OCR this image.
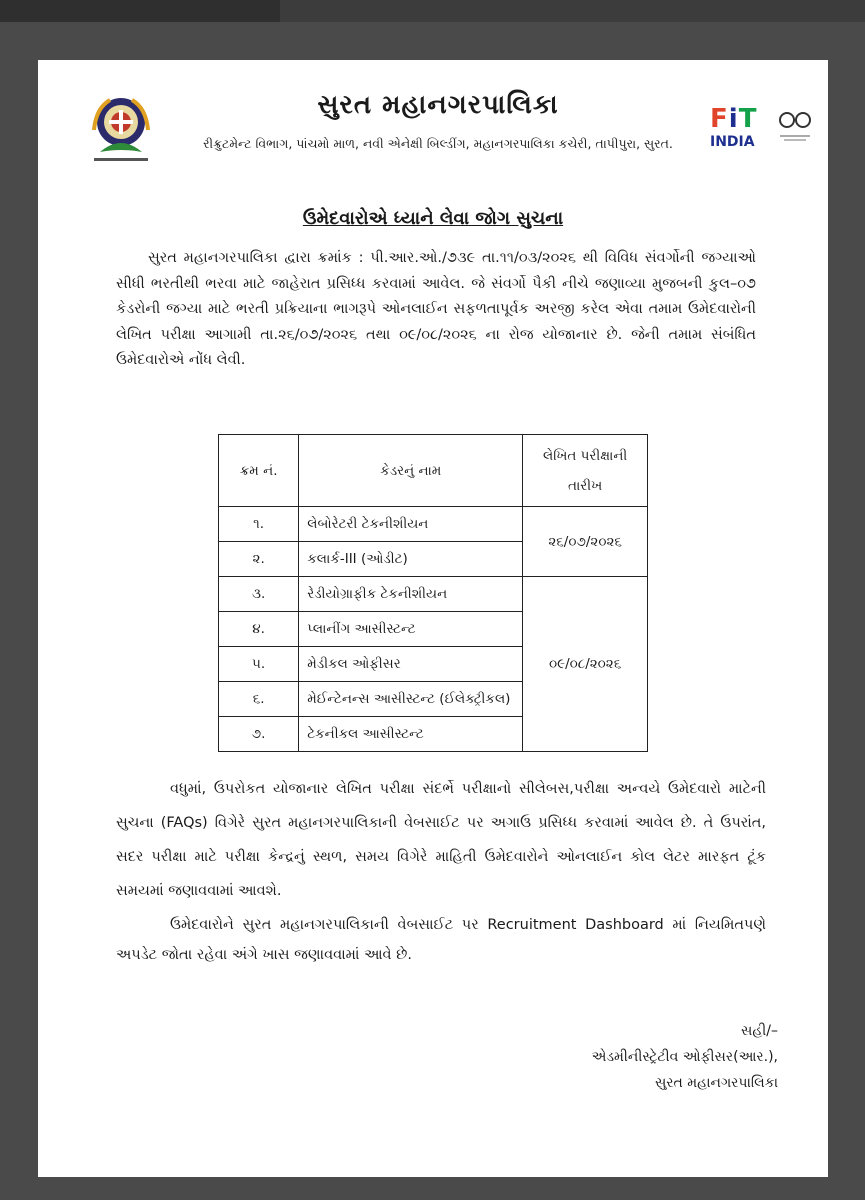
સુરત મહાનગરપાલિકા
રીક્રુટમેન્ટ વિભાગ, પાંચમો માળ, નવી એનેક્ષી બિલ્ડીંગ, મહાનગરપાલિકા કચેરી, તાપીપુરા, સુરત.
FiT
INDIA
ઉમેદવારોએ ધ્યાને લેવા જોગ સુચના
સુરત મહાનગરપાલિકા દ્વારા ક્રમાંક : પી.આર.ઓ./૭૩૯ તા.૧૧/૦૩/૨૦૨૬ થી વિવિધ સંવર્ગોની જગ્યાઓ સીધી ભરતીથી ભરવા માટે જાહેરાત પ્રસિધ્ધ કરવામાં આવેલ. જે સંવર્ગો પૈકી નીચે જણાવ્યા મુજબની કુલ–૦૭ કેડરોની જગ્યા માટે ભરતી પ્રક્રિયાના ભાગરૂપે ઓનલાઈન સફળતાપૂર્વક અરજી કરેલ એવા તમામ ઉમેદવારોની લેખિત પરીક્ષા આગામી તા.૨૬/૦૭/૨૦૨૬ તથા ૦૯/૦૮/૨૦૨૬ ના રોજ યોજાનાર છે. જેની તમામ સંબંધિત ઉમેદવારોએ નોંધ લેવી.
ક્રમ નં.	કેડરનું નામ	લેખિત પરીક્ષાની
તારીખ
૧.	લેબોરેટરી ટેકનીશીયન	૨૬/૦૭/૨૦૨૬
૨.	કલાર્ક-III (ઓડીટ)	
૩.	રેડીયોગ્રાફીક ટેકનીશીયન	૦૯/૦૮/૨૦૨૬
૪.	પ્લાનીંગ આસીસ્ટન્ટ	
૫.	મેડીકલ ઓફીસર	
૬.	મેઈન્ટેનન્સ આસીસ્ટન્ટ (ઈલેક્ટ્રીકલ)	
૭.	ટેકનીકલ આસીસ્ટન્ટ	
વધુમાં, ઉપરોકત યોજાનાર લેખિત પરીક્ષા સંદર્ભે પરીક્ષાનો સીલેબસ,પરીક્ષા અન્વયે ઉમેદવારો માટેની સુચના (FAQs) વિગેરે સુરત મહાનગરપાલિકાની વેબસાઈટ પર અગાઉ પ્રસિધ્ધ કરવામાં આવેલ છે. તે ઉપરાંત, સદર પરીક્ષા માટે પરીક્ષા કેન્દ્રનું સ્થળ, સમય વિગેરે માહિતી ઉમેદવારોને ઓનલાઈન કોલ લેટર મારફત ટૂંક સમયમાં જણાવવામાં આવશે.
ઉમેદવારોને સુરત મહાનગરપાલિકાની વેબસાઈટ પર Recruitment Dashboard માં નિયમિતપણે અપડેટ જોતા રહેવા અંગે ખાસ જણાવવામાં આવે છે.
સહી/–
એડમીનીસ્ટ્રેટીવ ઓફીસર(આર.),
સુરત મહાનગરપાલિકા
